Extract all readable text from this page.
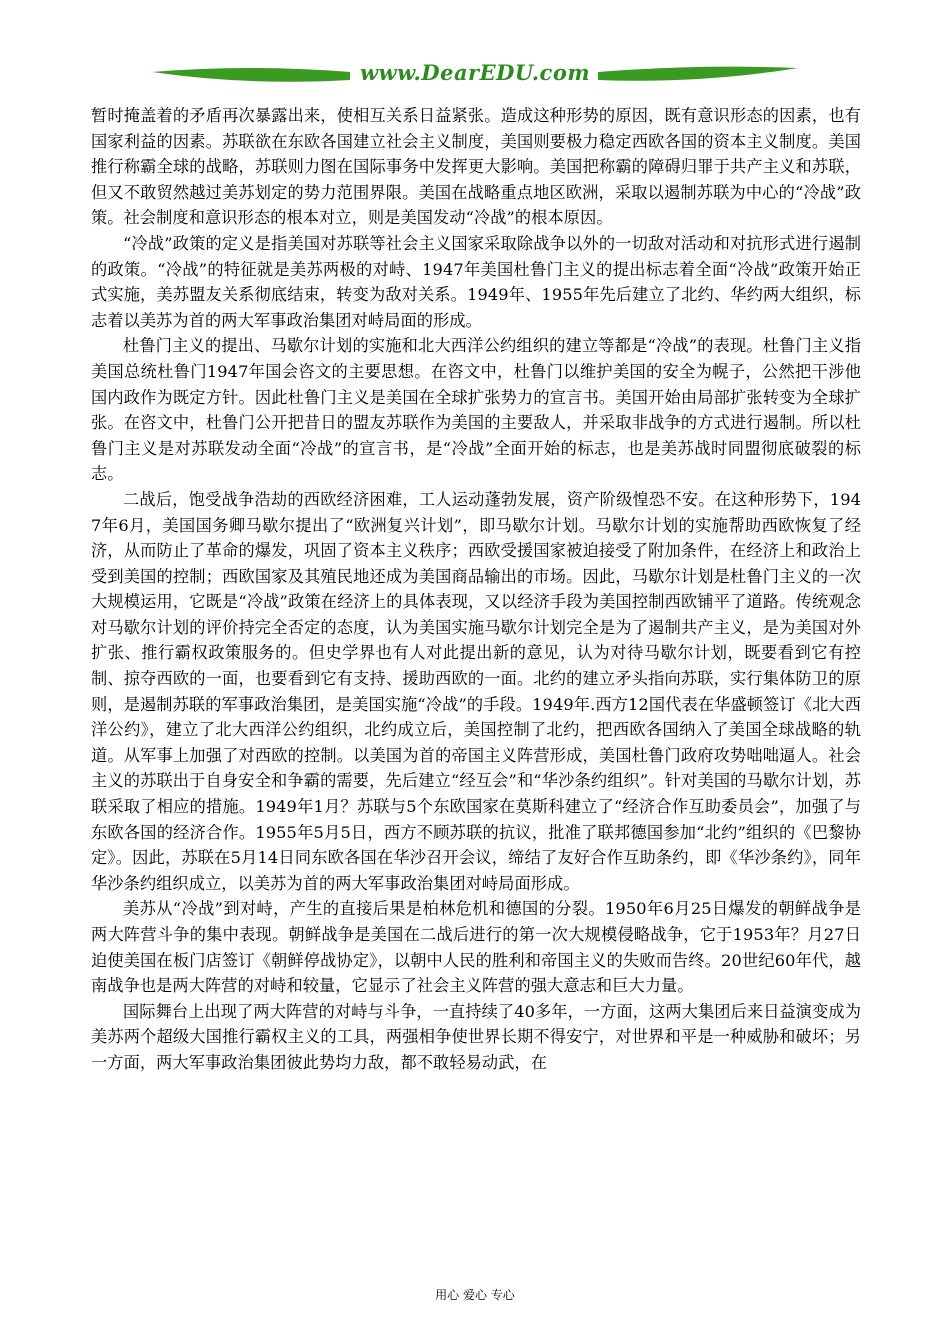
www.DearEDU.com

暂时掩盖着的矛盾再次暴露出来，使相互关系日益紧张。造成这种形势的原因，既有意识形态的因素，也有国家利益的因素。苏联欲在东欧各国建立社会主义制度，美国则要极力稳定西欧各国的资本主义制度。美国推行称霸全球的战略，苏联则力图在国际事务中发挥更大影响。美国把称霸的障碍归罪于共产主义和苏联，但又不敢贸然越过美苏划定的势力范围界限。美国在战略重点地区欧洲，采取以遏制苏联为中心的“冷战”政策。社会制度和意识形态的根本对立，则是美国发动“冷战”的根本原因。

“冷战”政策的定义是指美国对苏联等社会主义国家采取除战争以外的一切敌对活动和对抗形式进行遏制的政策。“冷战”的特征就是美苏两极的对峙、1947年美国杜鲁门主义的提出标志着全面“冷战”政策开始正式实施，美苏盟友关系彻底结束，转变为敌对关系。1949年、1955年先后建立了北约、华约两大组织，标志着以美苏为首的两大军事政治集团对峙局面的形成。

杜鲁门主义的提出、马歇尔计划的实施和北大西洋公约组织的建立等都是“冷战”的表现。杜鲁门主义指美国总统杜鲁门1947年国会咨文的主要思想。在咨文中，杜鲁门以维护美国的安全为幌子，公然把干涉他国内政作为既定方针。因此杜鲁门主义是美国在全球扩张势力的宣言书。美国开始由局部扩张转变为全球扩张。在咨文中，杜鲁门公开把昔日的盟友苏联作为美国的主要敌人，并采取非战争的方式进行遏制。所以杜鲁门主义是对苏联发动全面“冷战”的宣言书，是“冷战”全面开始的标志，也是美苏战时同盟彻底破裂的标志。

二战后，饱受战争浩劫的西欧经济困难，工人运动蓬勃发展，资产阶级惶恐不安。在这种形势下，1947年6月，美国国务卿马歇尔提出了“欧洲复兴计划”，即马歇尔计划。马歇尔计划的实施帮助西欧恢复了经济，从而防止了革命的爆发，巩固了资本主义秩序；西欧受援国家被迫接受了附加条件，在经济上和政治上受到美国的控制；西欧国家及其殖民地还成为美国商品输出的市场。因此，马歇尔计划是杜鲁门主义的一次大规模运用，它既是“冷战”政策在经济上的具体表现，又以经济手段为美国控制西欧铺平了道路。传统观念对马歇尔计划的评价持完全否定的态度，认为美国实施马歇尔计划完全是为了遏制共产主义，是为美国对外扩张、推行霸权政策服务的。但史学界也有人对此提出新的意见，认为对待马歇尔计划，既要看到它有控制、掠夺西欧的一面，也要看到它有支持、援助西欧的一面。北约的建立矛头指向苏联，实行集体防卫的原则，是遏制苏联的军事政治集团，是美国实施“冷战”的手段。1949年.西方12国代表在华盛顿签订《北大西洋公约》，建立了北大西洋公约组织，北约成立后，美国控制了北约，把西欧各国纳入了美国全球战略的轨道。从军事上加强了对西欧的控制。以美国为首的帝国主义阵营形成，美国杜鲁门政府攻势咄咄逼人。社会主义的苏联出于自身安全和争霸的需要，先后建立“经互会”和“华沙条约组织”。针对美国的马歇尔计划，苏联采取了相应的措施。1949年1月？苏联与5个东欧国家在莫斯科建立了“经济合作互助委员会”，加强了与东欧各国的经济合作。1955年5月5日，西方不顾苏联的抗议，批准了联邦德国参加“北约”组织的《巴黎协定》。因此，苏联在5月14日同东欧各国在华沙召开会议，缔结了友好合作互助条约，即《华沙条约》，同年华沙条约组织成立，以美苏为首的两大军事政治集团对峙局面形成。

美苏从“冷战”到对峙，产生的直接后果是柏林危机和德国的分裂。1950年6月25日爆发的朝鲜战争是两大阵营斗争的集中表现。朝鲜战争是美国在二战后进行的第一次大规模侵略战争，它于1953年？月27日迫使美国在板门店签订《朝鲜停战协定》，以朝中人民的胜利和帝国主义的失败而告终。20世纪60年代，越南战争也是两大阵营的对峙和较量，它显示了社会主义阵营的强大意志和巨大力量。

国际舞台上出现了两大阵营的对峙与斗争，一直持续了40多年，一方面，这两大集团后来日益演变成为美苏两个超级大国推行霸权主义的工具，两强相争使世界长期不得安宁，对世界和平是一种威胁和破坏；另一方面，两大军事政治集团彼此势均力敌，都不敢轻易动武，在

用心 爱心 专心
